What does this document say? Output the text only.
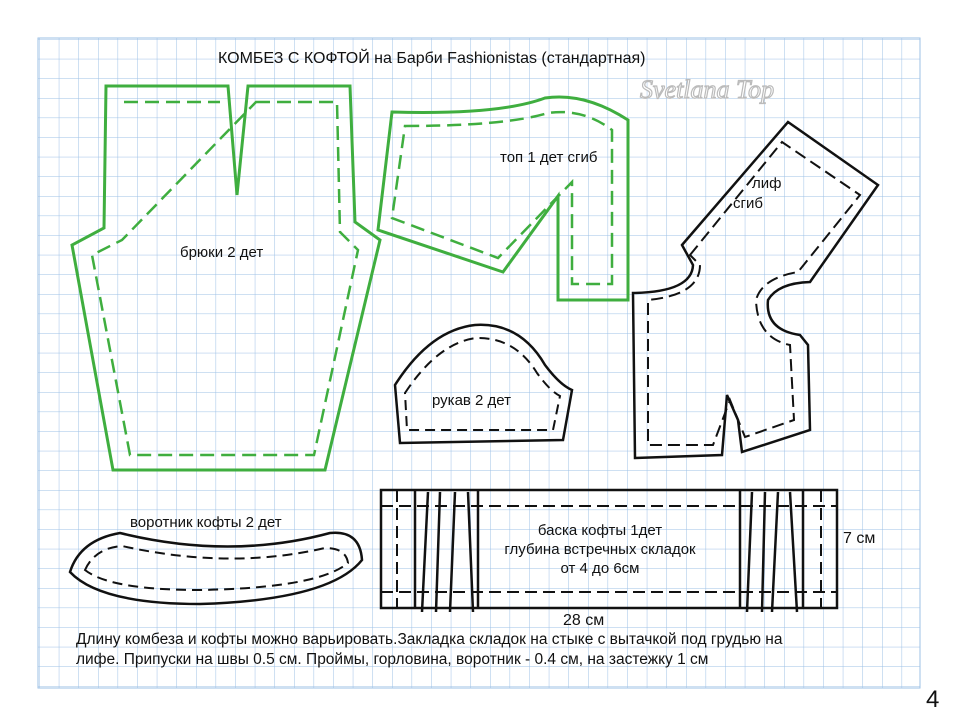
Svetlana Top
КОМБЕЗ С КОФТОЙ на Барби Fashionistas (стандартная)
брюки 2 дет
топ 1 дет сгиб
лиф
сгиб
рукав 2 дет
воротник кофты 2 дет	баска кофты 1дет
глубина встречных складок
от 4 до 6см
28 см
7 см
Длину комбеза и кофты можно варьировать.Закладка складок на стыке с вытачкой под грудью на
лифе. Припуски на швы 0.5 см. Проймы, горловина, воротник - 0.4 см, на застежку 1 см
4
